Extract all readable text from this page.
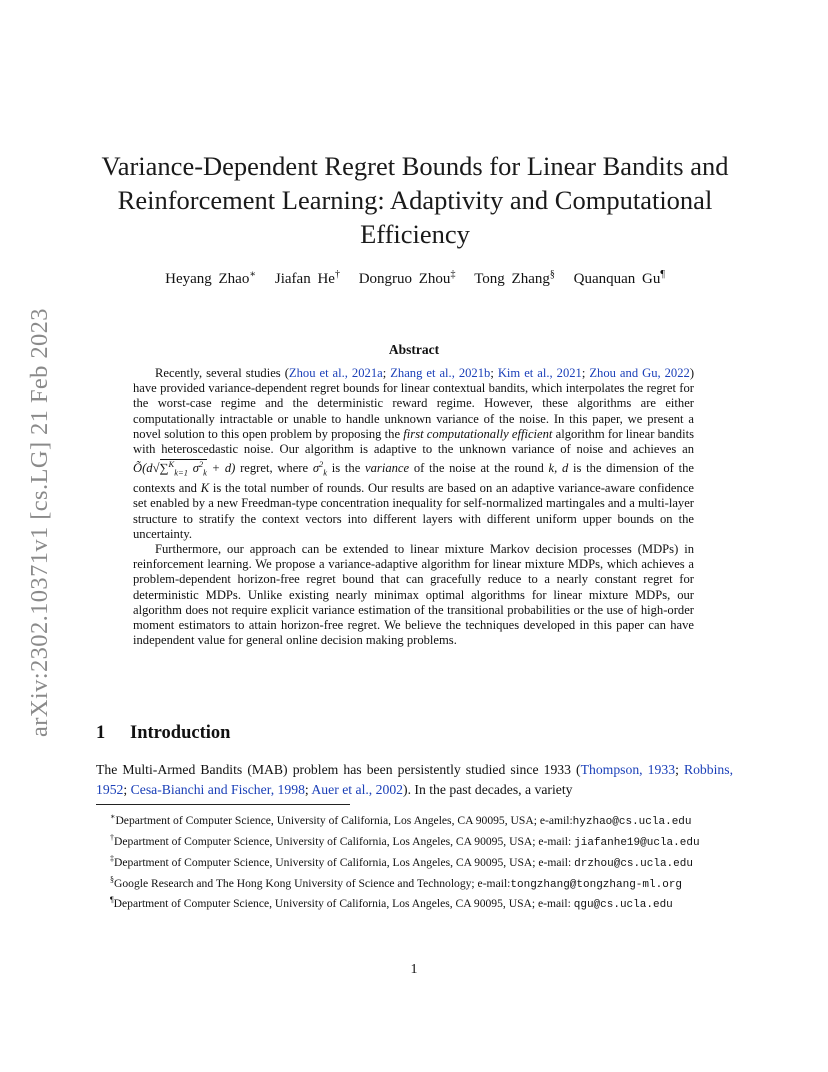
arXiv:2302.10371v1 [cs.LG] 21 Feb 2023
Variance-Dependent Regret Bounds for Linear Bandits and Reinforcement Learning: Adaptivity and Computational Efficiency
Heyang Zhao∗ Jiafan He† Dongruo Zhou‡ Tong Zhang§ Quanquan Gu¶
Abstract

Recently, several studies (Zhou et al., 2021a; Zhang et al., 2021b; Kim et al., 2021; Zhou and Gu, 2022) have provided variance-dependent regret bounds for linear contextual bandits, which interpolates the regret for the worst-case regime and the deterministic reward regime. However, these algorithms are either computationally intractable or unable to handle unknown variance of the noise. In this paper, we present a novel solution to this open problem by proposing the first computationally efficient algorithm for linear bandits with heteroscedastic noise. Our algorithm is adaptive to the unknown variance of noise and achieves an Õ(d√∑$^K_{k=1}$ $\sigma^2_k + d$) regret, where $\sigma^2_k$ is the variance of the noise at the round k, d is the dimension of the contexts and K is the total number of rounds. Our results are based on an adaptive variance-aware confidence set enabled by a new Freedman-type concentration inequality for self-normalized martingales and a multi-layer structure to stratify the context vectors into different layers with different uniform upper bounds on the uncertainty.

Furthermore, our approach can be extended to linear mixture Markov decision processes (MDPs) in reinforcement learning. We propose a variance-adaptive algorithm for linear mixture MDPs, which achieves a problem-dependent horizon-free regret bound that can gracefully reduce to a nearly constant regret for deterministic MDPs. Unlike existing nearly minimax optimal algorithms for linear mixture MDPs, our algorithm does not require explicit variance estimation of the transitional probabilities or the use of high-order moment estimators to attain horizon-free regret. We believe the techniques developed in this paper can have independent value for general online decision making problems.

1 Introduction

The Multi-Armed Bandits (MAB) problem has been persistently studied since 1933 (Thompson, 1933; Robbins, 1952; Cesa-Bianchi and Fischer, 1998; Auer et al., 2002). In the past decades, a variety

∗Department of Computer Science, University of California, Los Angeles, CA 90095, USA; e-amil:hyzhao@cs.ucla.edu

†Department of Computer Science, University of California, Los Angeles, CA 90095, USA; e-mail: jiafanhe19@ucla.edu

‡Department of Computer Science, University of California, Los Angeles, CA 90095, USA; e-mail: drzhou@cs.ucla.edu

§Google Research and The Hong Kong University of Science and Technology; e-mail:tongzhang@tongzhang-ml.org

¶Department of Computer Science, University of California, Los Angeles, CA 90095, USA; e-mail: qgu@cs.ucla.edu

1
